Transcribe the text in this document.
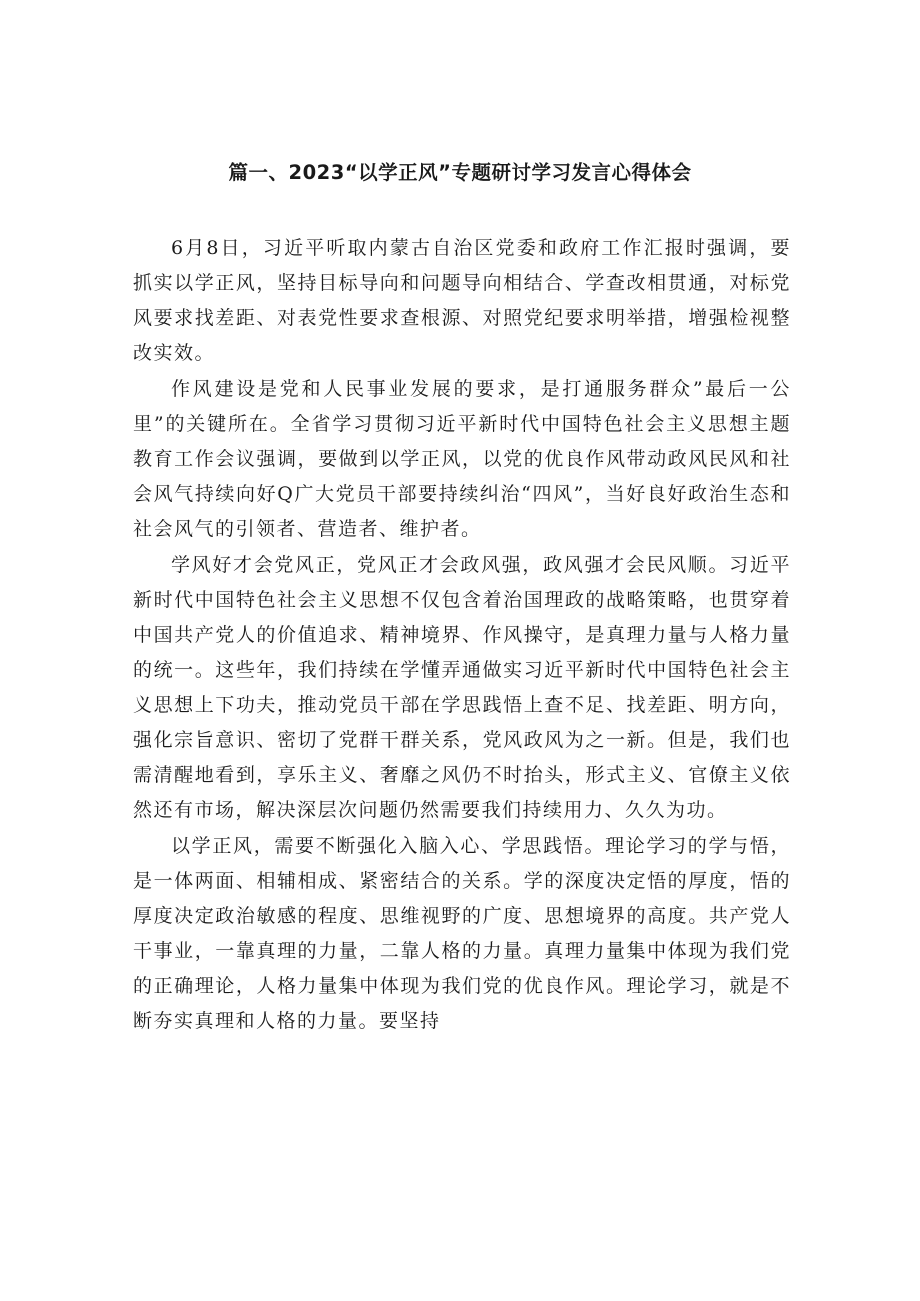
篇一、2023“以学正风”专题研讨学习发言心得体会

6月8日，习近平听取内蒙古自治区党委和政府工作汇报时强调，要抓实以学正风，坚持目标导向和问题导向相结合、学查改相贯通，对标党风要求找差距、对表党性要求查根源、对照党纪要求明举措，增强检视整改实效。

作风建设是党和人民事业发展的要求，是打通服务群众”最后一公里”的关键所在。全省学习贯彻习近平新时代中国特色社会主义思想主题教育工作会议强调，要做到以学正风，以党的优良作风带动政风民风和社会风气持续向好Q广大党员干部要持续纠治“四风”，当好良好政治生态和社会风气的引领者、营造者、维护者。

学风好才会党风正，党风正才会政风强，政风强才会民风顺。习近平新时代中国特色社会主义思想不仅包含着治国理政的战略策略，也贯穿着中国共产党人的价值追求、精神境界、作风操守，是真理力量与人格力量的统一。这些年，我们持续在学懂弄通做实习近平新时代中国特色社会主义思想上下功夫，推动党员干部在学思践悟上查不足、找差距、明方向，强化宗旨意识、密切了党群干群关系，党风政风为之一新。但是，我们也需清醒地看到，享乐主义、奢靡之风仍不时抬头，形式主义、官僚主义依然还有市场，解决深层次问题仍然需要我们持续用力、久久为功。

以学正风，需要不断强化入脑入心、学思践悟。理论学习的学与悟，是一体两面、相辅相成、紧密结合的关系。学的深度决定悟的厚度，悟的厚度决定政治敏感的程度、思维视野的广度、思想境界的高度。共产党人干事业，一靠真理的力量，二靠人格的力量。真理力量集中体现为我们党的正确理论，人格力量集中体现为我们党的优良作风。理论学习，就是不断夯实真理和人格的力量。要坚持
